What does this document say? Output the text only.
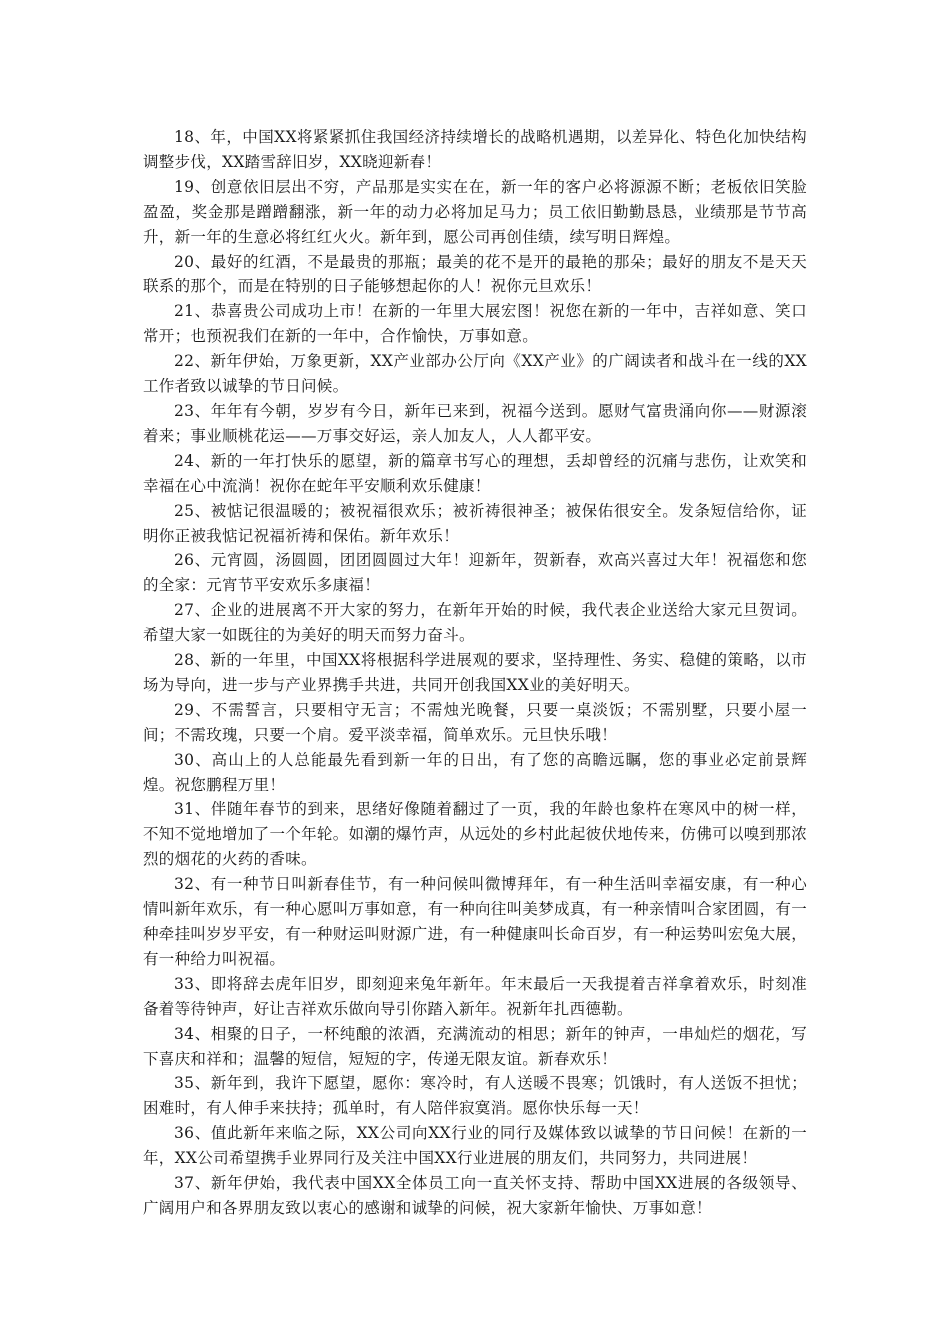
18、年，中国XX将紧紧抓住我国经济持续增长的战略机遇期，以差异化、特色化加快结构调整步伐，XX踏雪辞旧岁，XX晓迎新春！

19、创意依旧层出不穷，产品那是实实在在，新一年的客户必将源源不断；老板依旧笑脸盈盈，奖金那是蹭蹭翻涨，新一年的动力必将加足马力；员工依旧勤勤恳恳，业绩那是节节高升，新一年的生意必将红红火火。新年到，愿公司再创佳绩，续写明日辉煌。

20、最好的红酒，不是最贵的那瓶；最美的花不是开的最艳的那朵；最好的朋友不是天天联系的那个，而是在特别的日子能够想起你的人！祝你元旦欢乐！

21、恭喜贵公司成功上市！在新的一年里大展宏图！祝您在新的一年中，吉祥如意、笑口常开；也预祝我们在新的一年中，合作愉快，万事如意。

22、新年伊始，万象更新，XX产业部办公厅向《XX产业》的广阔读者和战斗在一线的XX工作者致以诚挚的节日问候。

23、年年有今朝，岁岁有今日，新年已来到，祝福今送到。愿财气富贵涌向你——财源滚着来；事业顺桃花运——万事交好运，亲人加友人，人人都平安。

24、新的一年打快乐的愿望，新的篇章书写心的理想，丢却曾经的沉痛与悲伤，让欢笑和幸福在心中流淌！祝你在蛇年平安顺利欢乐健康！

25、被惦记很温暖的；被祝福很欢乐；被祈祷很神圣；被保佑很安全。发条短信给你，证明你正被我惦记祝福祈祷和保佑。新年欢乐！

26、元宵圆，汤圆圆，团团圆圆过大年！迎新年，贺新春，欢高兴喜过大年！祝福您和您的全家：元宵节平安欢乐多康福！

27、企业的进展离不开大家的努力，在新年开始的时候，我代表企业送给大家元旦贺词。希望大家一如既往的为美好的明天而努力奋斗。

28、新的一年里，中国XX将根据科学进展观的要求，坚持理性、务实、稳健的策略，以市场为导向，进一步与产业界携手共进，共同开创我国XX业的美好明天。

29、不需誓言，只要相守无言；不需烛光晚餐，只要一桌淡饭；不需别墅，只要小屋一间；不需玫瑰，只要一个肩。爱平淡幸福，简单欢乐。元旦快乐哦！

30、高山上的人总能最先看到新一年的日出，有了您的高瞻远瞩，您的事业必定前景辉煌。祝您鹏程万里！

31、伴随年春节的到来，思绪好像随着翻过了一页，我的年龄也象杵在寒风中的树一样，不知不觉地增加了一个年轮。如潮的爆竹声，从远处的乡村此起彼伏地传来，仿佛可以嗅到那浓烈的烟花的火药的香味。

32、有一种节日叫新春佳节，有一种问候叫微博拜年，有一种生活叫幸福安康，有一种心情叫新年欢乐，有一种心愿叫万事如意，有一种向往叫美梦成真，有一种亲情叫合家团圆，有一种牵挂叫岁岁平安，有一种财运叫财源广进，有一种健康叫长命百岁，有一种运势叫宏兔大展，有一种给力叫祝福。

33、即将辞去虎年旧岁，即刻迎来兔年新年。年末最后一天我提着吉祥拿着欢乐，时刻准备着等待钟声，好让吉祥欢乐做向导引你踏入新年。祝新年扎西德勒。

34、相聚的日子，一杯纯酿的浓酒，充满流动的相思；新年的钟声，一串灿烂的烟花，写下喜庆和祥和；温馨的短信，短短的字，传递无限友谊。新春欢乐！

35、新年到，我许下愿望，愿你：寒冷时，有人送暖不畏寒；饥饿时，有人送饭不担忧；困难时，有人伸手来扶持；孤单时，有人陪伴寂寞消。愿你快乐每一天！

36、值此新年来临之际，XX公司向XX行业的同行及媒体致以诚挚的节日问候！在新的一年，XX公司希望携手业界同行及关注中国XX行业进展的朋友们，共同努力，共同进展！

37、新年伊始，我代表中国XX全体员工向一直关怀支持、帮助中国XX进展的各级领导、广阔用户和各界朋友致以衷心的感谢和诚挚的问候，祝大家新年愉快、万事如意！
